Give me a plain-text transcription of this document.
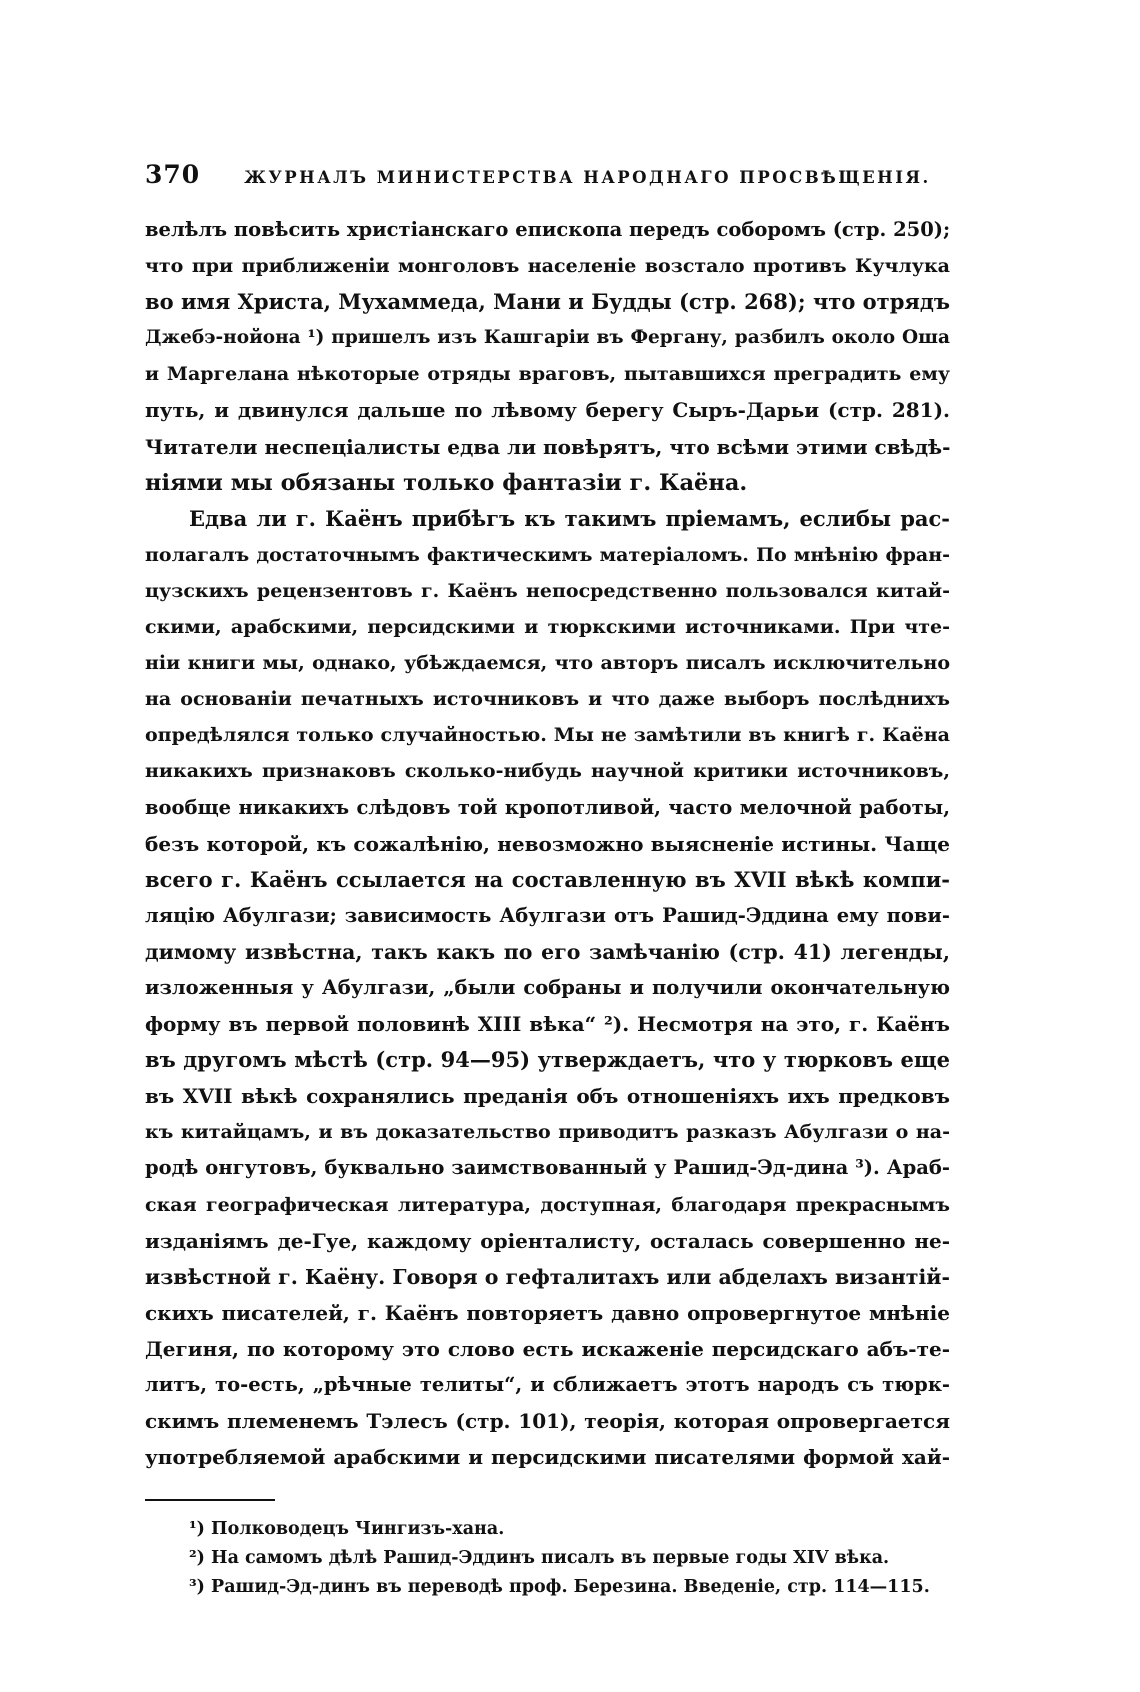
370	ЖУРНАЛЪ МИНИСТЕРСТВА НАРОДНАГО ПРОСВѢЩЕНІЯ.
велѣлъ повѣсить христіанскаго епископа передъ соборомъ (стр. 250);
что при приближеніи монголовъ населеніе возстало противъ Кучлука
во имя Христа, Мухаммеда, Мани и Будды (стр. 268); что отрядъ
Джебэ-нойона ¹) пришелъ изъ Кашгаріи въ Фергану, разбилъ около Оша
и Маргелана нѣкоторые отряды враговъ, пытавшихся преградить ему
путь, и двинулся дальше по лѣвому берегу Сыръ-Дарьи (стр. 281).
Читатели неспеціалисты едва ли повѣрятъ, что всѣми этими свѣдѣ-
ніями мы обязаны только фантазіи г. Каёна.
Едва ли г. Каёнъ прибѣгъ къ такимъ пріемамъ, еслибы рас-
полагалъ достаточнымъ фактическимъ матеріаломъ. По мнѣнію фран-
цузскихъ рецензентовъ г. Каёнъ непосредственно пользовался китай-
скими, арабскими, персидскими и тюркскими источниками. При чте-
ніи книги мы, однако, убѣждаемся, что авторъ писалъ исключительно
на основаніи печатныхъ источниковъ и что даже выборъ послѣднихъ
опредѣлялся только случайностью. Мы не замѣтили въ книгѣ г. Каёна
никакихъ признаковъ сколько-нибудь научной критики источниковъ,
вообще никакихъ слѣдовъ той кропотливой, часто мелочной работы,
безъ которой, къ сожалѣнію, невозможно выясненіе истины. Чаще
всего г. Каёнъ ссылается на составленную въ XVII вѣкѣ компи-
ляцію Абулгази; зависимость Абулгази отъ Рашид-Эддина ему пови-
димому извѣстна, такъ какъ по его замѣчанію (стр. 41) легенды,
изложенныя у Абулгази, „были собраны и получили окончательную
форму въ первой половинѣ XIII вѣка“ ²). Несмотря на это, г. Каёнъ
въ другомъ мѣстѣ (стр. 94—95) утверждаетъ, что у тюрковъ еще
въ XVII вѣкѣ сохранялись преданія объ отношеніяхъ ихъ предковъ
къ китайцамъ, и въ доказательство приводитъ разказъ Абулгази о на-
родѣ онгутовъ, буквально заимствованный у Рашид-Эд-дина ³). Араб-
ская географическая литература, доступная, благодаря прекраснымъ
изданіямъ де-Гуе, каждому оріенталисту, осталась совершенно не-
извѣстной г. Каёну. Говоря о гефталитахъ или абделахъ византій-
скихъ писателей, г. Каёнъ повторяетъ давно опровергнутое мнѣніе
Дегиня, по которому это слово есть искаженіе персидскаго абъ-те-
литъ, то-есть, „рѣчные телиты“, и сближаетъ этотъ народъ съ тюрк-
скимъ племенемъ Тэлесъ (стр. 101), теорія, которая опровергается
употребляемой арабскими и персидскими писателями формой хай-
¹) Полководецъ Чингизъ-хана.
²) На самомъ дѣлѣ Рашид-Эддинъ писалъ въ первые годы XIV вѣка.
³) Рашид-Эд-динъ въ переводѣ проф. Березина. Введеніе, стр. 114—115.
